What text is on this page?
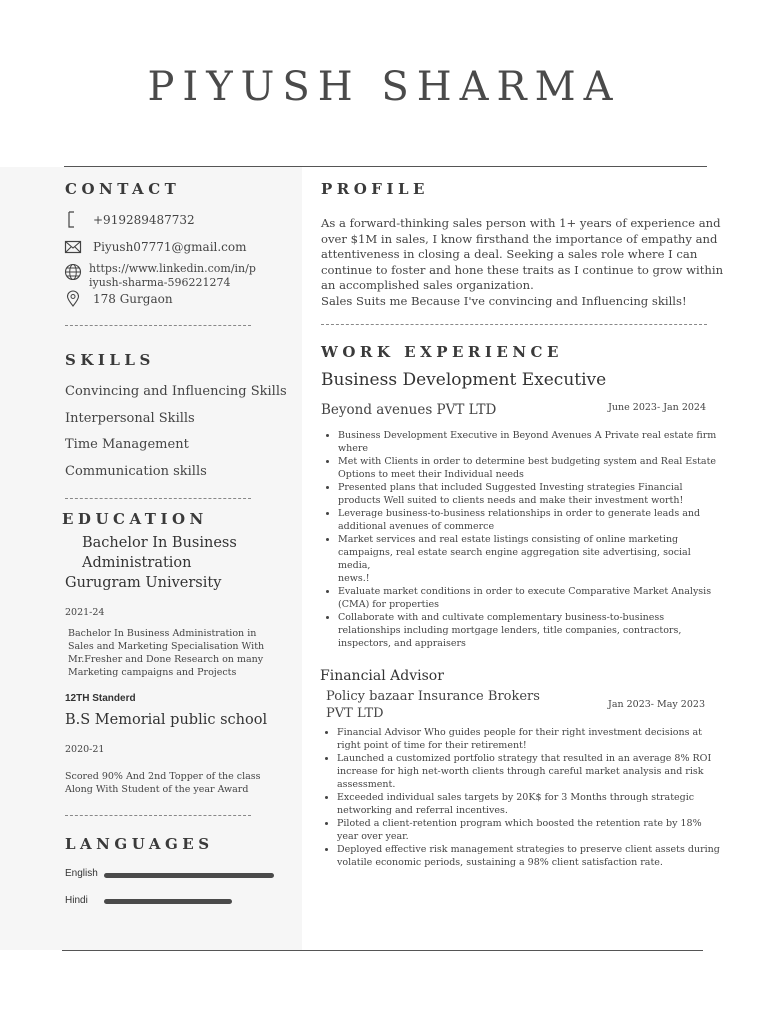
PIYUSH SHARMA
CONTACT
+919289487732
Piyush07771@gmail.com
https://www.linkedin.com/in/p
iyush-sharma-596221274
178 Gurgaon
SKILLS
Convincing and Influencing Skills
Interpersonal Skills
Time Management
Communication skills
EDUCATION
Bachelor In Business
Administration
Gurugram University
2021-24
Bachelor In Business Administration in
Sales and Marketing Specialisation With
Mr.Fresher and Done Research on many
Marketing campaigns and Projects
12TH Standerd
B.S Memorial public school
2020-21
Scored 90% And 2nd Topper of the class
Along With Student of the year Award
LANGUAGES
English
Hindi
PROFILE
As a forward-thinking sales person with 1+ years of experience and
over $1M in sales, I know firsthand the importance of empathy and
attentiveness in closing a deal. Seeking a sales role where I can
continue to foster and hone these traits as I continue to grow within
an accomplished sales organization.
Sales Suits me Because I've convincing and Influencing skills!
WORK EXPERIENCE
Business Development Executive
Beyond avenues PVT LTD	June 2023- Jan 2024
• Business Development Executive in Beyond Avenues A Private real estate firm
where
• Met with Clients in order to determine best budgeting system and Real Estate
Options to meet their Individual needs
• Presented plans that included Suggested Investing strategies Financial
products Well suited to clients needs and make their investment worth!
• Leverage business-to-business relationships in order to generate leads and
additional avenues of commerce
• Market services and real estate listings consisting of online marketing
campaigns, real estate search engine aggregation site advertising, social media,
news.!
• Evaluate market conditions in order to execute Comparative Market Analysis
(CMA) for properties
• Collaborate with and cultivate complementary business-to-business
relationships including mortgage lenders, title companies, contractors,
inspectors, and appraisers
Financial Advisor
Policy bazaar Insurance Brokers
PVT LTD
Jan 2023- May 2023
• Financial Advisor Who guides people for their right investment decisions at
right point of time for their retirement!
• Launched a customized portfolio strategy that resulted in an average 8% ROI
increase for high net-worth clients through careful market analysis and risk
assessment.
• Exceeded individual sales targets by 20K$ for 3 Months through strategic
networking and referral incentives.
• Piloted a client-retention program which boosted the retention rate by 18%
year over year.
• Deployed effective risk management strategies to preserve client assets during
volatile economic periods, sustaining a 98% client satisfaction rate.
